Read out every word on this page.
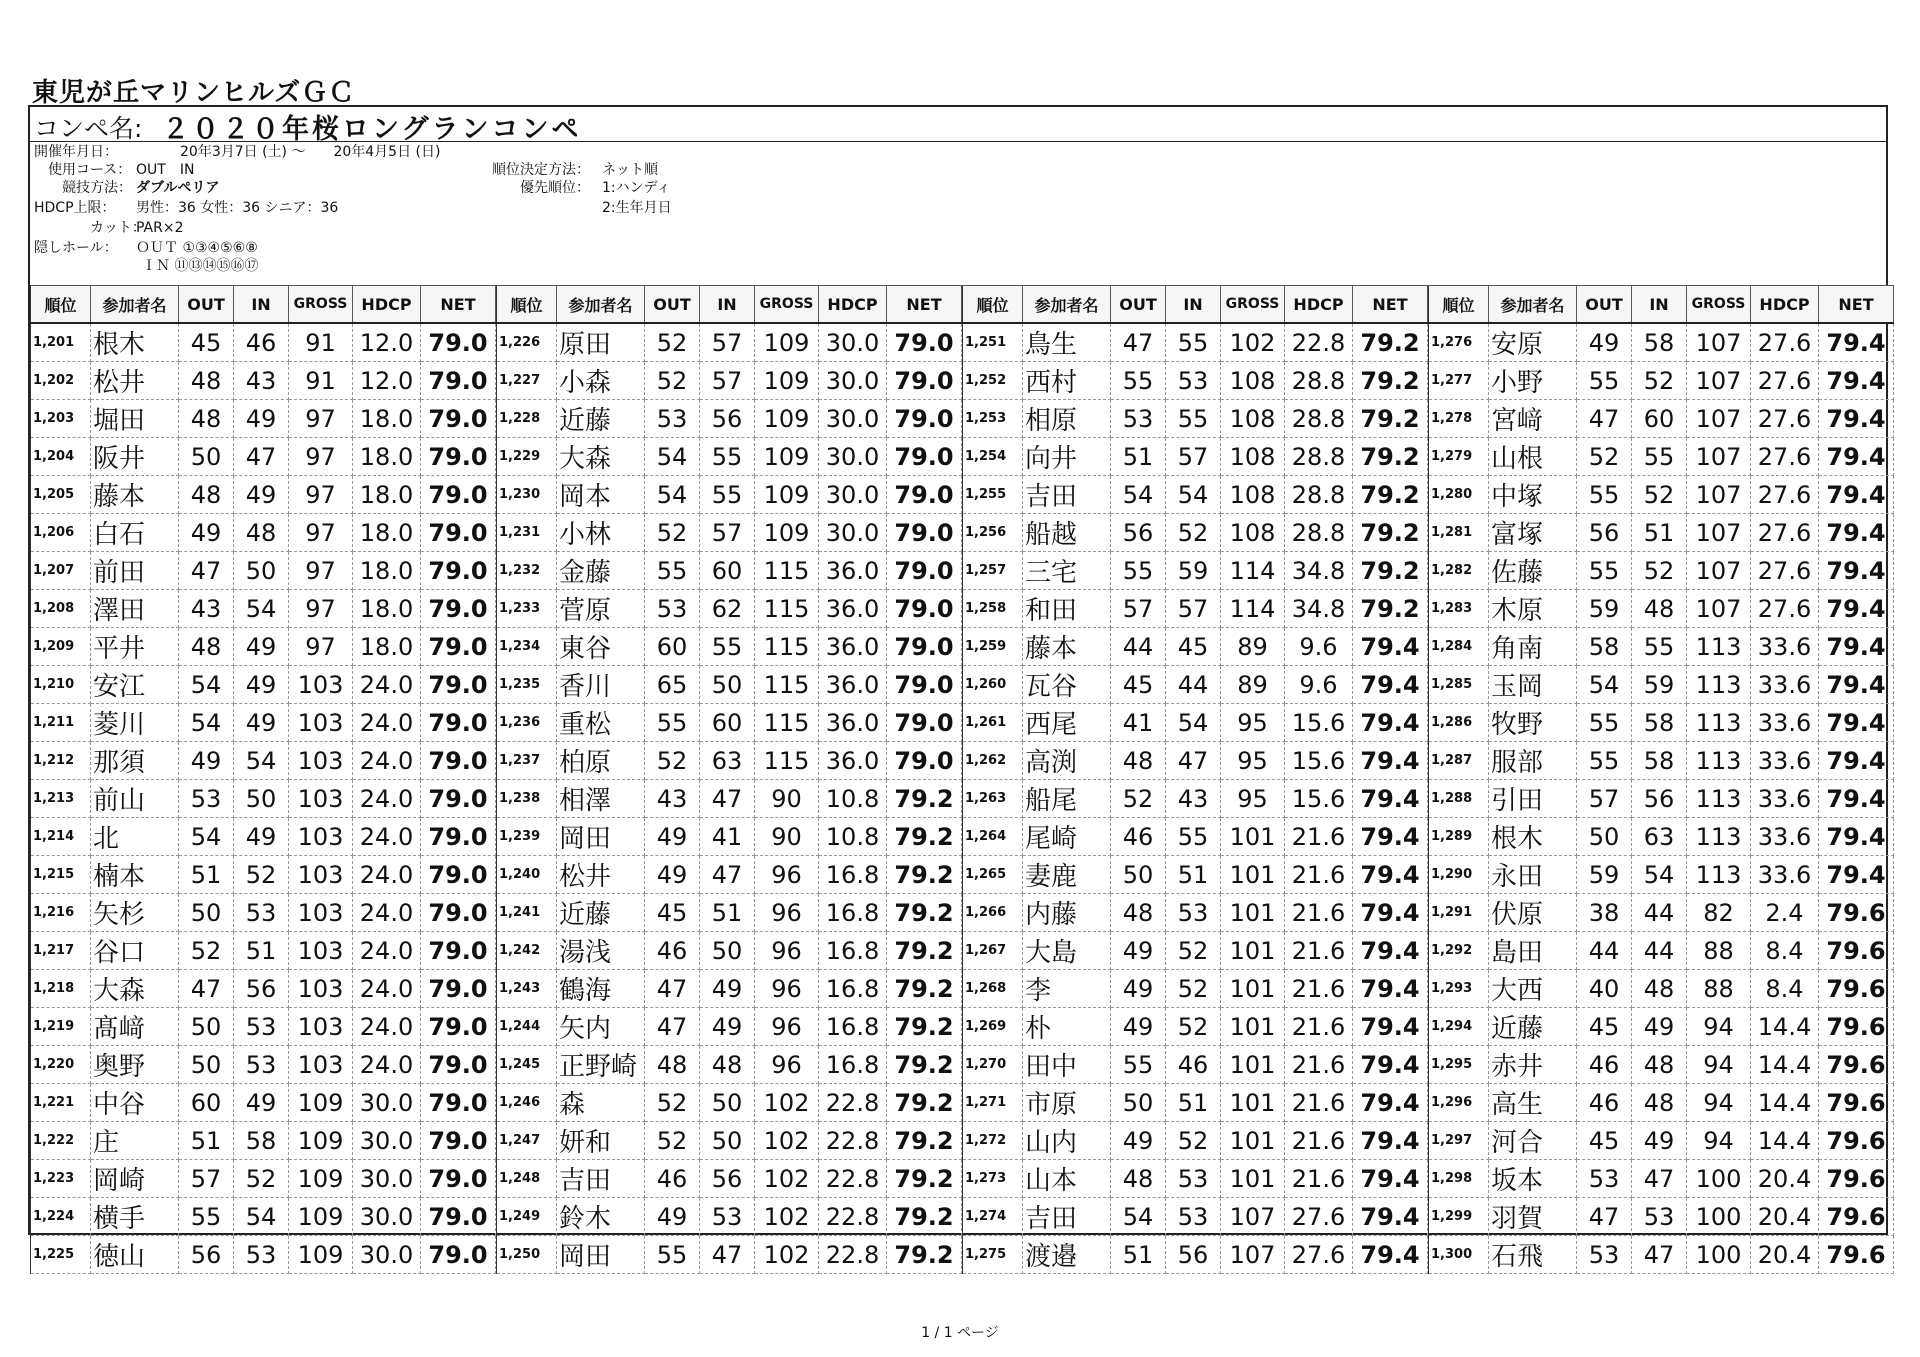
東児が丘マリンヒルズＧＣ
コンペ名: ２０２０年桜ロングランコンペ
開催年月日：	20年3月7日 (土) ～　　20年4月5日 (日)
使用コース： OUT　IN
競技方法： ダブルペリア
HDCP上限： 男性：36 女性：36 シニア：36
カット：
PAR×2
隠しホール： ＯＵＴ ①③④⑤⑥⑧
ＩＮ ⑪⑬⑭⑮⑯⑰
順位決定方法： ネット順
優先順位： 1:ハンディ
2:生年月日
順位	参加者名	OUT	IN	GROSS	HDCP	NET
1,201	根木	45	46	91	12.0	79.0
1,202	松井	48	43	91	12.0	79.0
1,203	堀田	48	49	97	18.0	79.0
1,204	阪井	50	47	97	18.0	79.0
1,205	藤本	48	49	97	18.0	79.0
1,206	白石	49	48	97	18.0	79.0
1,207	前田	47	50	97	18.0	79.0
1,208	澤田	43	54	97	18.0	79.0
1,209	平井	48	49	97	18.0	79.0
1,210	安江	54	49	103	24.0	79.0
1,211	菱川	54	49	103	24.0	79.0
1,212	那須	49	54	103	24.0	79.0
1,213	前山	53	50	103	24.0	79.0
1,214	北	54	49	103	24.0	79.0
1,215	楠本	51	52	103	24.0	79.0
1,216	矢杉	50	53	103	24.0	79.0
1,217	谷口	52	51	103	24.0	79.0
1,218	大森	47	56	103	24.0	79.0
1,219	髙﨑	50	53	103	24.0	79.0
1,220	奥野	50	53	103	24.0	79.0
1,221	中谷	60	49	109	30.0	79.0
1,222	庄	51	58	109	30.0	79.0
1,223	岡崎	57	52	109	30.0	79.0
1,224	横手	55	54	109	30.0	79.0
1,225	徳山	56	53	109	30.0	79.0
順位	参加者名	OUT	IN	GROSS	HDCP	NET
1,226	原田	52	57	109	30.0	79.0
1,227	小森	52	57	109	30.0	79.0
1,228	近藤	53	56	109	30.0	79.0
1,229	大森	54	55	109	30.0	79.0
1,230	岡本	54	55	109	30.0	79.0
1,231	小林	52	57	109	30.0	79.0
1,232	金藤	55	60	115	36.0	79.0
1,233	菅原	53	62	115	36.0	79.0
1,234	東谷	60	55	115	36.0	79.0
1,235	香川	65	50	115	36.0	79.0
1,236	重松	55	60	115	36.0	79.0
1,237	柏原	52	63	115	36.0	79.0
1,238	相澤	43	47	90	10.8	79.2
1,239	岡田	49	41	90	10.8	79.2
1,240	松井	49	47	96	16.8	79.2
1,241	近藤	45	51	96	16.8	79.2
1,242	湯浅	46	50	96	16.8	79.2
1,243	鶴海	47	49	96	16.8	79.2
1,244	矢内	47	49	96	16.8	79.2
1,245	正野崎	48	48	96	16.8	79.2
1,246	森	52	50	102	22.8	79.2
1,247	妍和	52	50	102	22.8	79.2
1,248	吉田	46	56	102	22.8	79.2
1,249	鈴木	49	53	102	22.8	79.2
1,250	岡田	55	47	102	22.8	79.2
順位	参加者名	OUT	IN	GROSS	HDCP	NET
1,251	鳥生	47	55	102	22.8	79.2
1,252	西村	55	53	108	28.8	79.2
1,253	相原	53	55	108	28.8	79.2
1,254	向井	51	57	108	28.8	79.2
1,255	吉田	54	54	108	28.8	79.2
1,256	船越	56	52	108	28.8	79.2
1,257	三宅	55	59	114	34.8	79.2
1,258	和田	57	57	114	34.8	79.2
1,259	藤本	44	45	89	9.6	79.4
1,260	瓦谷	45	44	89	9.6	79.4
1,261	西尾	41	54	95	15.6	79.4
1,262	高渕	48	47	95	15.6	79.4
1,263	船尾	52	43	95	15.6	79.4
1,264	尾崎	46	55	101	21.6	79.4
1,265	妻鹿	50	51	101	21.6	79.4
1,266	内藤	48	53	101	21.6	79.4
1,267	大島	49	52	101	21.6	79.4
1,268	李	49	52	101	21.6	79.4
1,269	朴	49	52	101	21.6	79.4
1,270	田中	55	46	101	21.6	79.4
1,271	市原	50	51	101	21.6	79.4
1,272	山内	49	52	101	21.6	79.4
1,273	山本	48	53	101	21.6	79.4
1,274	吉田	54	53	107	27.6	79.4
1,275	渡邉	51	56	107	27.6	79.4
順位	参加者名	OUT	IN	GROSS	HDCP	NET
1,276	安原	49	58	107	27.6	79.4
1,277	小野	55	52	107	27.6	79.4
1,278	宮﨑	47	60	107	27.6	79.4
1,279	山根	52	55	107	27.6	79.4
1,280	中塚	55	52	107	27.6	79.4
1,281	富塚	56	51	107	27.6	79.4
1,282	佐藤	55	52	107	27.6	79.4
1,283	木原	59	48	107	27.6	79.4
1,284	角南	58	55	113	33.6	79.4
1,285	玉岡	54	59	113	33.6	79.4
1,286	牧野	55	58	113	33.6	79.4
1,287	服部	55	58	113	33.6	79.4
1,288	引田	57	56	113	33.6	79.4
1,289	根木	50	63	113	33.6	79.4
1,290	永田	59	54	113	33.6	79.4
1,291	伏原	38	44	82	2.4	79.6
1,292	島田	44	44	88	8.4	79.6
1,293	大西	40	48	88	8.4	79.6
1,294	近藤	45	49	94	14.4	79.6
1,295	赤井	46	48	94	14.4	79.6
1,296	高生	46	48	94	14.4	79.6
1,297	河合	45	49	94	14.4	79.6
1,298	坂本	53	47	100	20.4	79.6
1,299	羽賀	47	53	100	20.4	79.6
1,300	石飛	53	47	100	20.4	79.6
1 / 1 ページ
